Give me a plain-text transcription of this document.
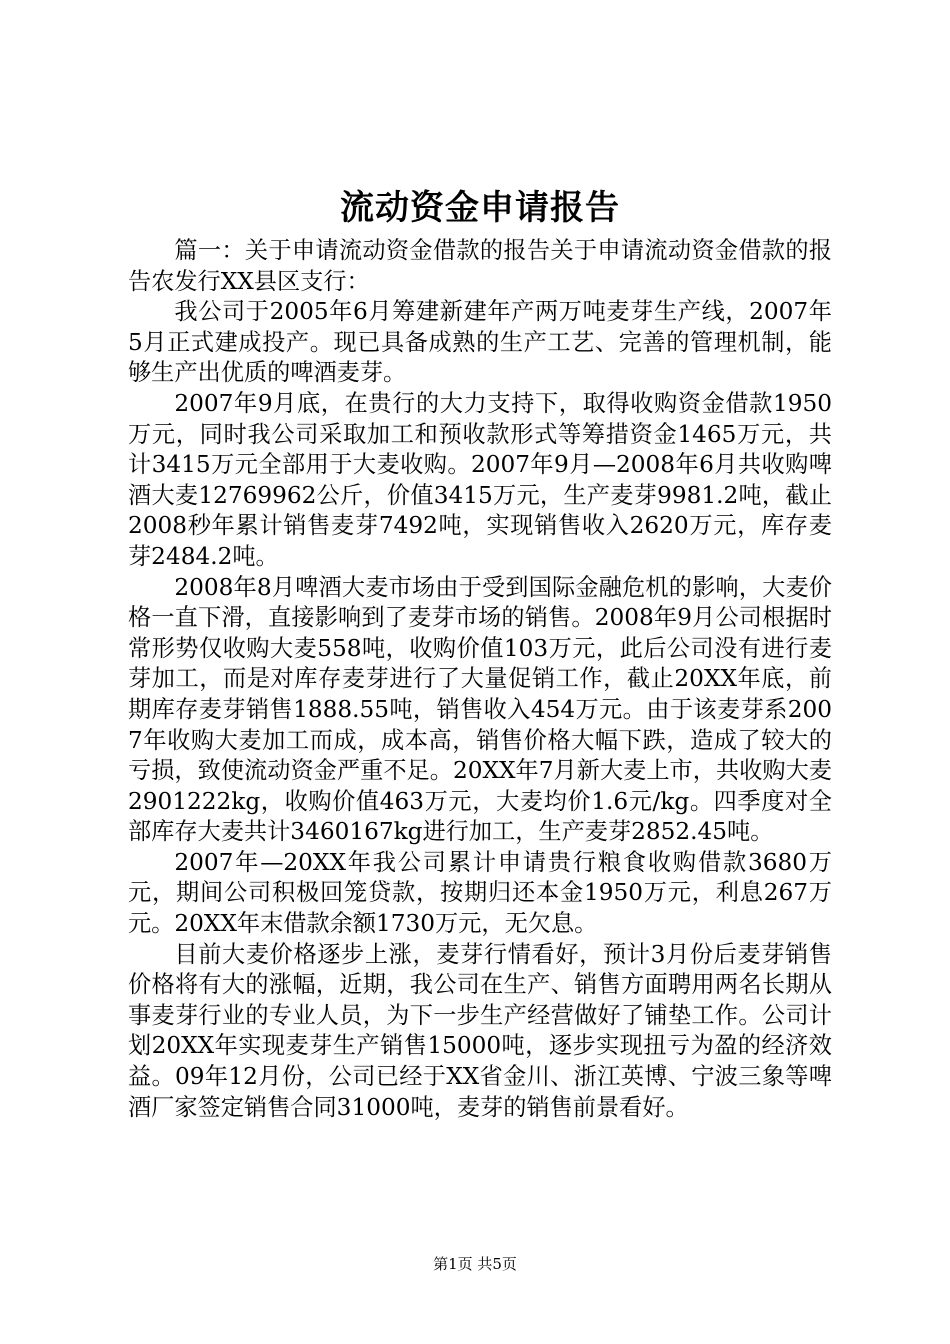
流动资金申请报告

篇一：关于申请流动资金借款的报告关于申请流动资金借款的报告农发行XX县区支行：

我公司于2005年6月筹建新建年产两万吨麦芽生产线，2007年5月正式建成投产。现已具备成熟的生产工艺、完善的管理机制，能够生产出优质的啤酒麦芽。

2007年9月底，在贵行的大力支持下，取得收购资金借款1950万元，同时我公司采取加工和预收款形式等筹措资金1465万元，共计3415万元全部用于大麦收购。2007年9月—2008年6月共收购啤酒大麦12769962公斤，价值3415万元，生产麦芽9981.2吨，截止2008秒年累计销售麦芽7492吨，实现销售收入2620万元，库存麦芽2484.2吨。

2008年8月啤酒大麦市场由于受到国际金融危机的影响，大麦价格一直下滑，直接影响到了麦芽市场的销售。2008年9月公司根据时常形势仅收购大麦558吨，收购价值103万元，此后公司没有进行麦芽加工，而是对库存麦芽进行了大量促销工作，截止20XX年底，前期库存麦芽销售1888.55吨，销售收入454万元。由于该麦芽系2007年收购大麦加工而成，成本高，销售价格大幅下跌，造成了较大的亏损，致使流动资金严重不足。20XX年7月新大麦上市，共收购大麦2901222kg，收购价值463万元，大麦均价1.6元/kg。四季度对全部库存大麦共计3460167kg进行加工，生产麦芽2852.45吨。

2007年—20XX年我公司累计申请贵行粮食收购借款3680万元，期间公司积极回笼贷款，按期归还本金1950万元，利息267万元。20XX年末借款余额1730万元，无欠息。

目前大麦价格逐步上涨，麦芽行情看好，预计3月份后麦芽销售价格将有大的涨幅，近期，我公司在生产、销售方面聘用两名长期从事麦芽行业的专业人员，为下一步生产经营做好了铺垫工作。公司计划20XX年实现麦芽生产销售15000吨，逐步实现扭亏为盈的经济效益。09年12月份，公司已经于XX省金川、浙江英博、宁波三象等啤酒厂家签定销售合同31000吨，麦芽的销售前景看好。

第1页 共5页
